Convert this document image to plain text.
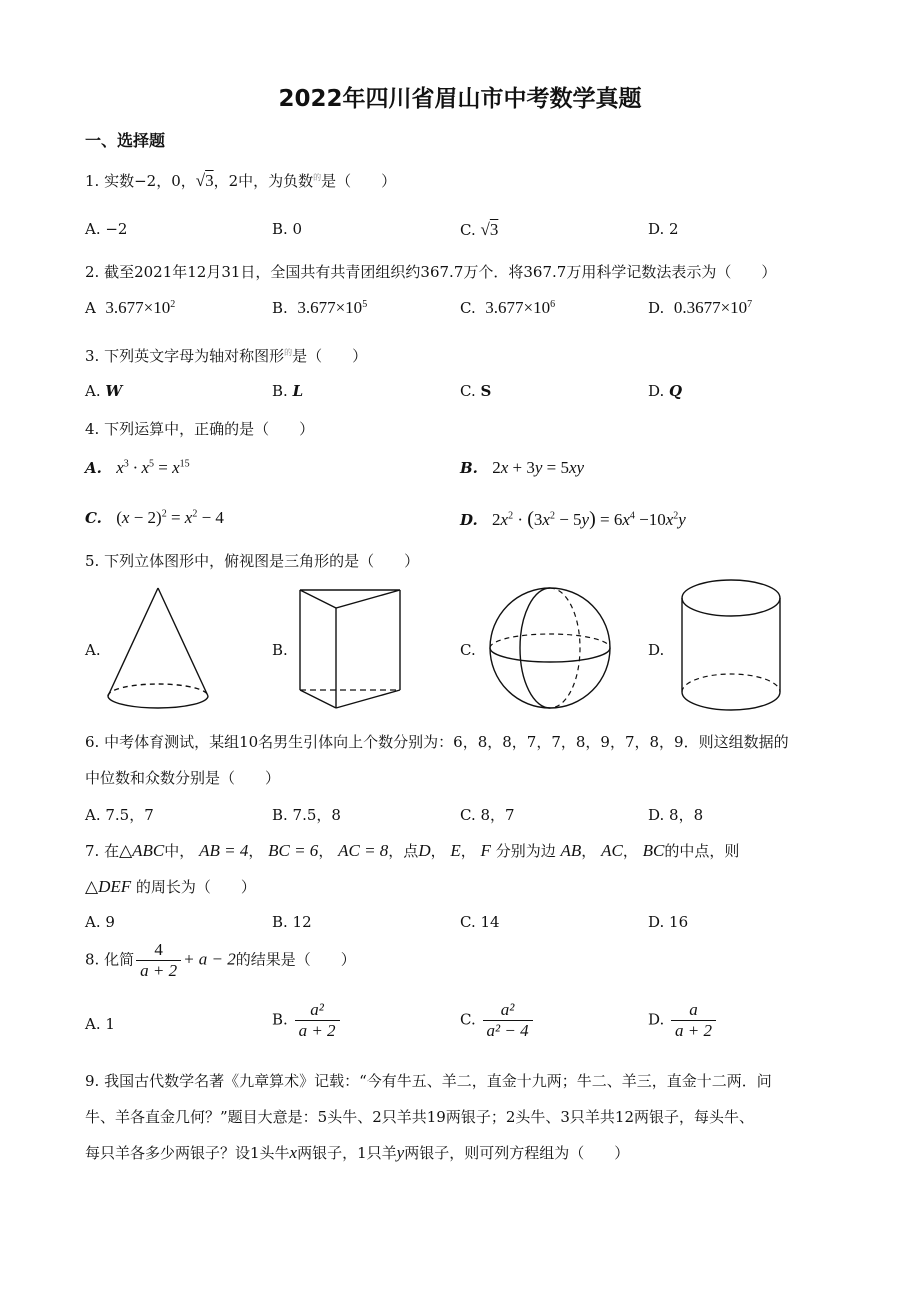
2022年四川省眉山市中考数学真题
一、选择题
1. 实数−2，0，√3，2中，为负数$^的$是（　　）
A. −2	B. 0	C. √3	D. 2
2. 截至2021年12月31日，全国共有共青团组织约367.7万个．将367.7万用科学记数法表示为（　　）
A $3.677\times 10^2$	B. $3.677\times 10^5$	C. $3.677\times 10^6$	D. $0.3677\times 10^7$
3. 下列英文字母为轴对称图形$^的$是（　　）
A. W	B. L	C. S	D. Q
4. 下列运算中，正确的是（　　）
A. $x^3 \cdot x^5 = x^{15}$	B. 2x + 3y = 5xy
C. $(x - 2)^2 = x^2 - 4$	D. $2x^2 \cdot (3x^2 - 5y) = 6x^4 -10x^2y$
5. 下列立体图形中，俯视图是三角形的是（　　）
A.	B.	C.	D.
6. 中考体育测试，某组10名男生引体向上个数分别为：6，8，8，7，7，8，9，7，8，9．则这组数据的
中位数和众数分别是（　　）
A. 7.5，7	B. 7.5，8	C. 8，7	D. 8，8
7. 在△ABC中， AB = 4， BC = 6， AC = 8，点D， E， F 分别为边 AB， AC， BC的中点，则
△DEF 的周长为（　　）
A. 9	B. 12	C. 14	D. 16
8. 化简 $\frac{4}{a + 2} + a - 2$的结果是（　　）
A. 1	B. $\frac{\text{a²}}{a + 2}$	C. $\frac{\text{a²}}{\text{a² − 4}}$	D. $\frac{a}{a + 2}$
9. 我国古代数学名著《九章算术》记载：“今有牛五、羊二，直金十九两；牛二、羊三，直金十二两．问
牛、羊各直金几何？”题目大意是：5头牛、2只羊共19两银子；2头牛、3只羊共12两银子，每头牛、
每只羊各多少两银子？设1头牛x两银子，1只羊y两银子，则可列方程组为（　　）
